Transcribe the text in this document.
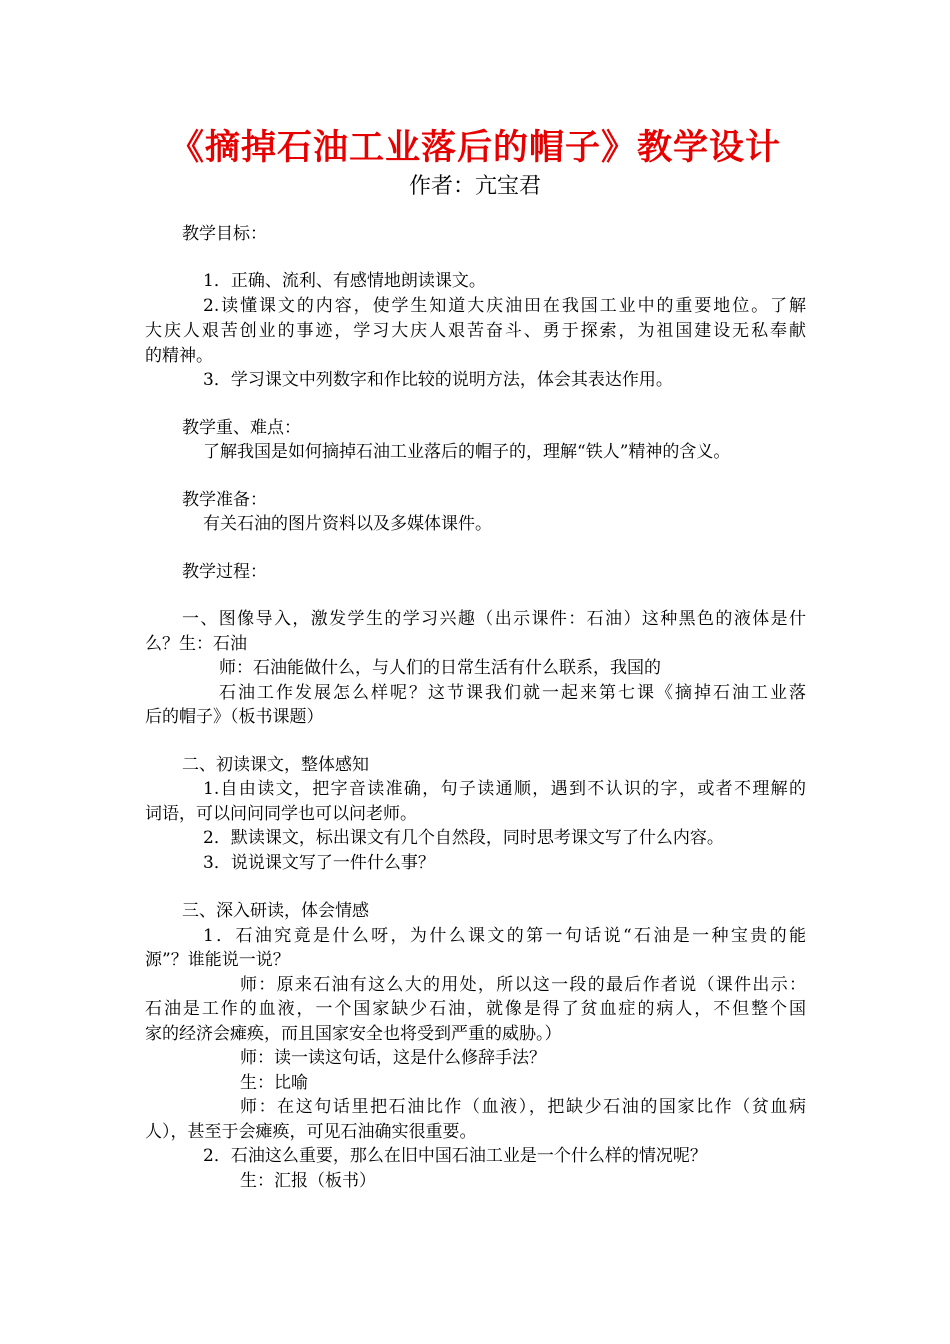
《摘掉石油工业落后的帽子》教学设计
作者：亢宝君
教学目标：
1．正确、流利、有感情地朗读课文。
2.读懂课文的内容，使学生知道大庆油田在我国工业中的重要地位。了解
大庆人艰苦创业的事迹，学习大庆人艰苦奋斗、勇于探索，为祖国建设无私奉献
的精神。
3．学习课文中列数字和作比较的说明方法，体会其表达作用。
教学重、难点：
了解我国是如何摘掉石油工业落后的帽子的，理解“铁人”精神的含义。
教学准备：
有关石油的图片资料以及多媒体课件。
教学过程：
一、图像导入，激发学生的学习兴趣（出示课件：石油）这种黑色的液体是什
么？生：石油
师：石油能做什么，与人们的日常生活有什么联系，我国的
石油工作发展怎么样呢？这节课我们就一起来第七课《摘掉石油工业落
后的帽子》（板书课题）
二、初读课文，整体感知
1.自由读文，把字音读准确，句子读通顺，遇到不认识的字，或者不理解的
词语，可以问问同学也可以问老师。
2．默读课文，标出课文有几个自然段，同时思考课文写了什么内容。
3．说说课文写了一件什么事？
三、深入研读，体会情感
1．石油究竟是什么呀，为什么课文的第一句话说“石油是一种宝贵的能
源”？谁能说一说？
师：原来石油有这么大的用处，所以这一段的最后作者说（课件出示：
石油是工作的血液，一个国家缺少石油，就像是得了贫血症的病人，不但整个国
家的经济会瘫痪，而且国家安全也将受到严重的威胁。）
师：读一读这句话，这是什么修辞手法？
生：比喻
师：在这句话里把石油比作（血液），把缺少石油的国家比作（贫血病
人），甚至于会瘫痪，可见石油确实很重要。
2．石油这么重要，那么在旧中国石油工业是一个什么样的情况呢？
生：汇报（板书）
